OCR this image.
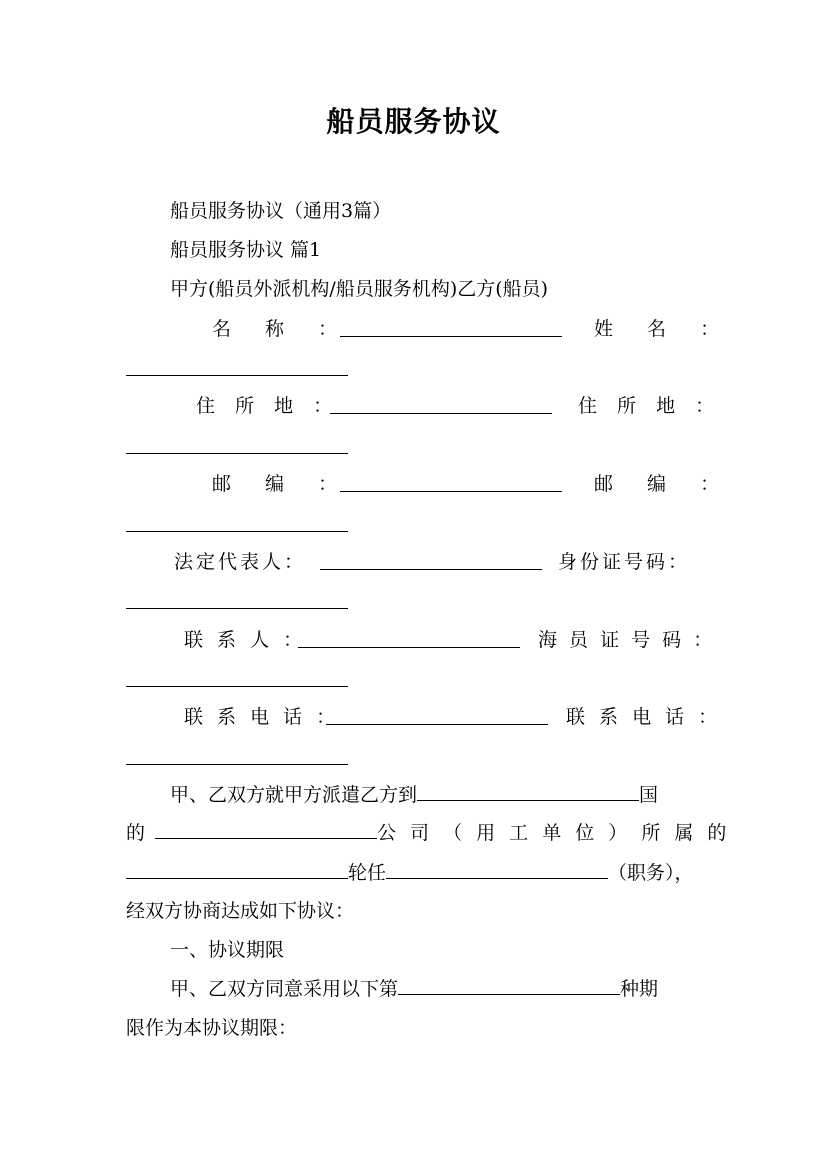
船员服务协议
船员服务协议（通用3篇）
船员服务协议 篇1
甲方(船员外派机构/船员服务机构)乙方(船员)
名 称 ：	姓 名 ：
住 所 地 ：	住 所 地 ：
邮 编 ：	邮 编 ：
法定代表人：	身份证号码：
联 系 人 ：	海 员 证 号 码 ：
联 系 电 话 ：	联 系 电 话 ：
甲、乙双方就甲方派遣乙方到	国
的	公 司 （ 用 工 单 位 ） 所 属 的
轮任	（职务），
经双方协商达成如下协议：
一、协议期限
甲、乙双方同意采用以下第	种期
限作为本协议期限：
